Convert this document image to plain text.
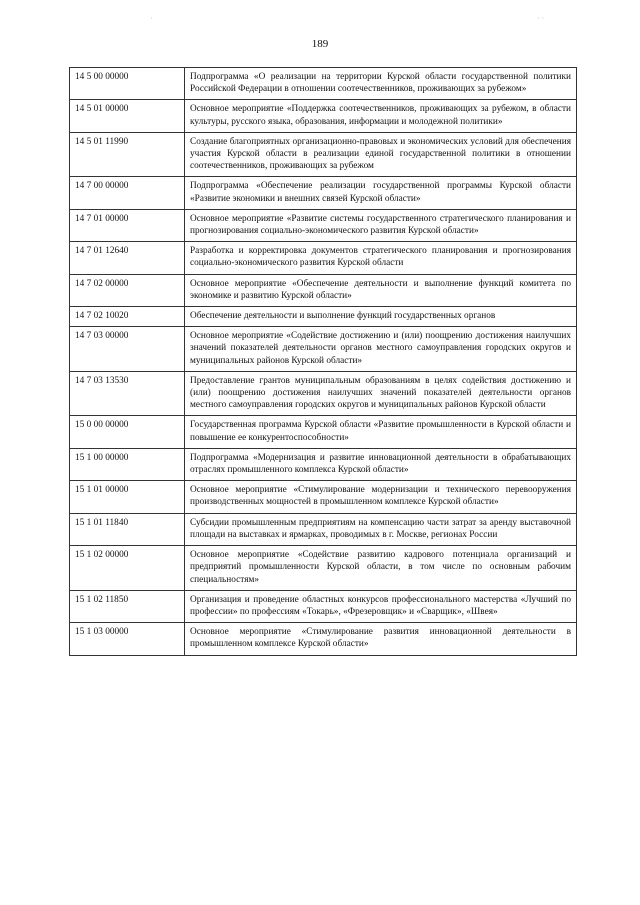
·	· ·
189
14 5 00 00000	Подпрограмма «О реализации на территории Курской области государственной политики Российской Федерации в отношении соотечественников, проживающих за рубежом»
14 5 01 00000	Основное мероприятие «Поддержка соотечественников, проживающих за рубежом, в области культуры, русского языка, образования, информации и молодежной политики»
14 5 01 11990	Создание благоприятных организационно-правовых и экономических условий для обеспечения участия Курской области в реализации единой государственной политики в отношении соотечественников, проживающих за рубежом
14 7 00 00000	Подпрограмма «Обеспечение реализации государственной программы Курской области «Развитие экономики и внешних связей Курской области»
14 7 01 00000	Основное мероприятие «Развитие системы государственного стратегического планирования и прогнозирования социально-экономического развития Курской области»
14 7 01 12640	Разработка и корректировка документов стратегического планирования и прогнозирования социально-экономического развития Курской области
14 7 02 00000	Основное мероприятие «Обеспечение деятельности и выполнение функций комитета по экономике и развитию Курской области»
14 7 02 10020	Обеспечение деятельности и выполнение функций государственных органов
14 7 03 00000	Основное мероприятие «Содействие достижению и (или) поощрению достижения наилучших значений показателей деятельности органов местного самоуправления городских округов и муниципальных районов Курской области»
14 7 03 13530	Предоставление грантов муниципальным образованиям в целях содействия достижению и (или) поощрению достижения наилучших значений показателей деятельности органов местного самоуправления городских округов и муниципальных районов Курской области
15 0 00 00000	Государственная программа Курской области «Развитие промышленности в Курской области и повышение ее конкурентоспособности»
15 1 00 00000	Подпрограмма «Модернизация и развитие инновационной деятельности в обрабатывающих отраслях промышленного комплекса Курской области»
15 1 01 00000	Основное мероприятие «Стимулирование модернизации и технического перевооружения производственных мощностей в промышленном комплексе Курской области»
15 1 01 11840	Субсидии промышленным предприятиям на компенсацию части затрат за аренду выставочной площади на выставках и ярмарках, проводимых в г. Москве, регионах России
15 1 02 00000	Основное мероприятие «Содействие развитию кадрового потенциала организаций и предприятий промышленности Курской области, в том числе по основным рабочим специальностям»
15 1 02 11850	Организация и проведение областных конкурсов профессионального мастерства «Лучший по профессии» по профессиям «Токарь», «Фрезеровщик» и «Сварщик», «Швея»
15 1 03 00000	Основное мероприятие «Стимулирование развития инновационной деятельности в промышленном комплексе Курской области»
